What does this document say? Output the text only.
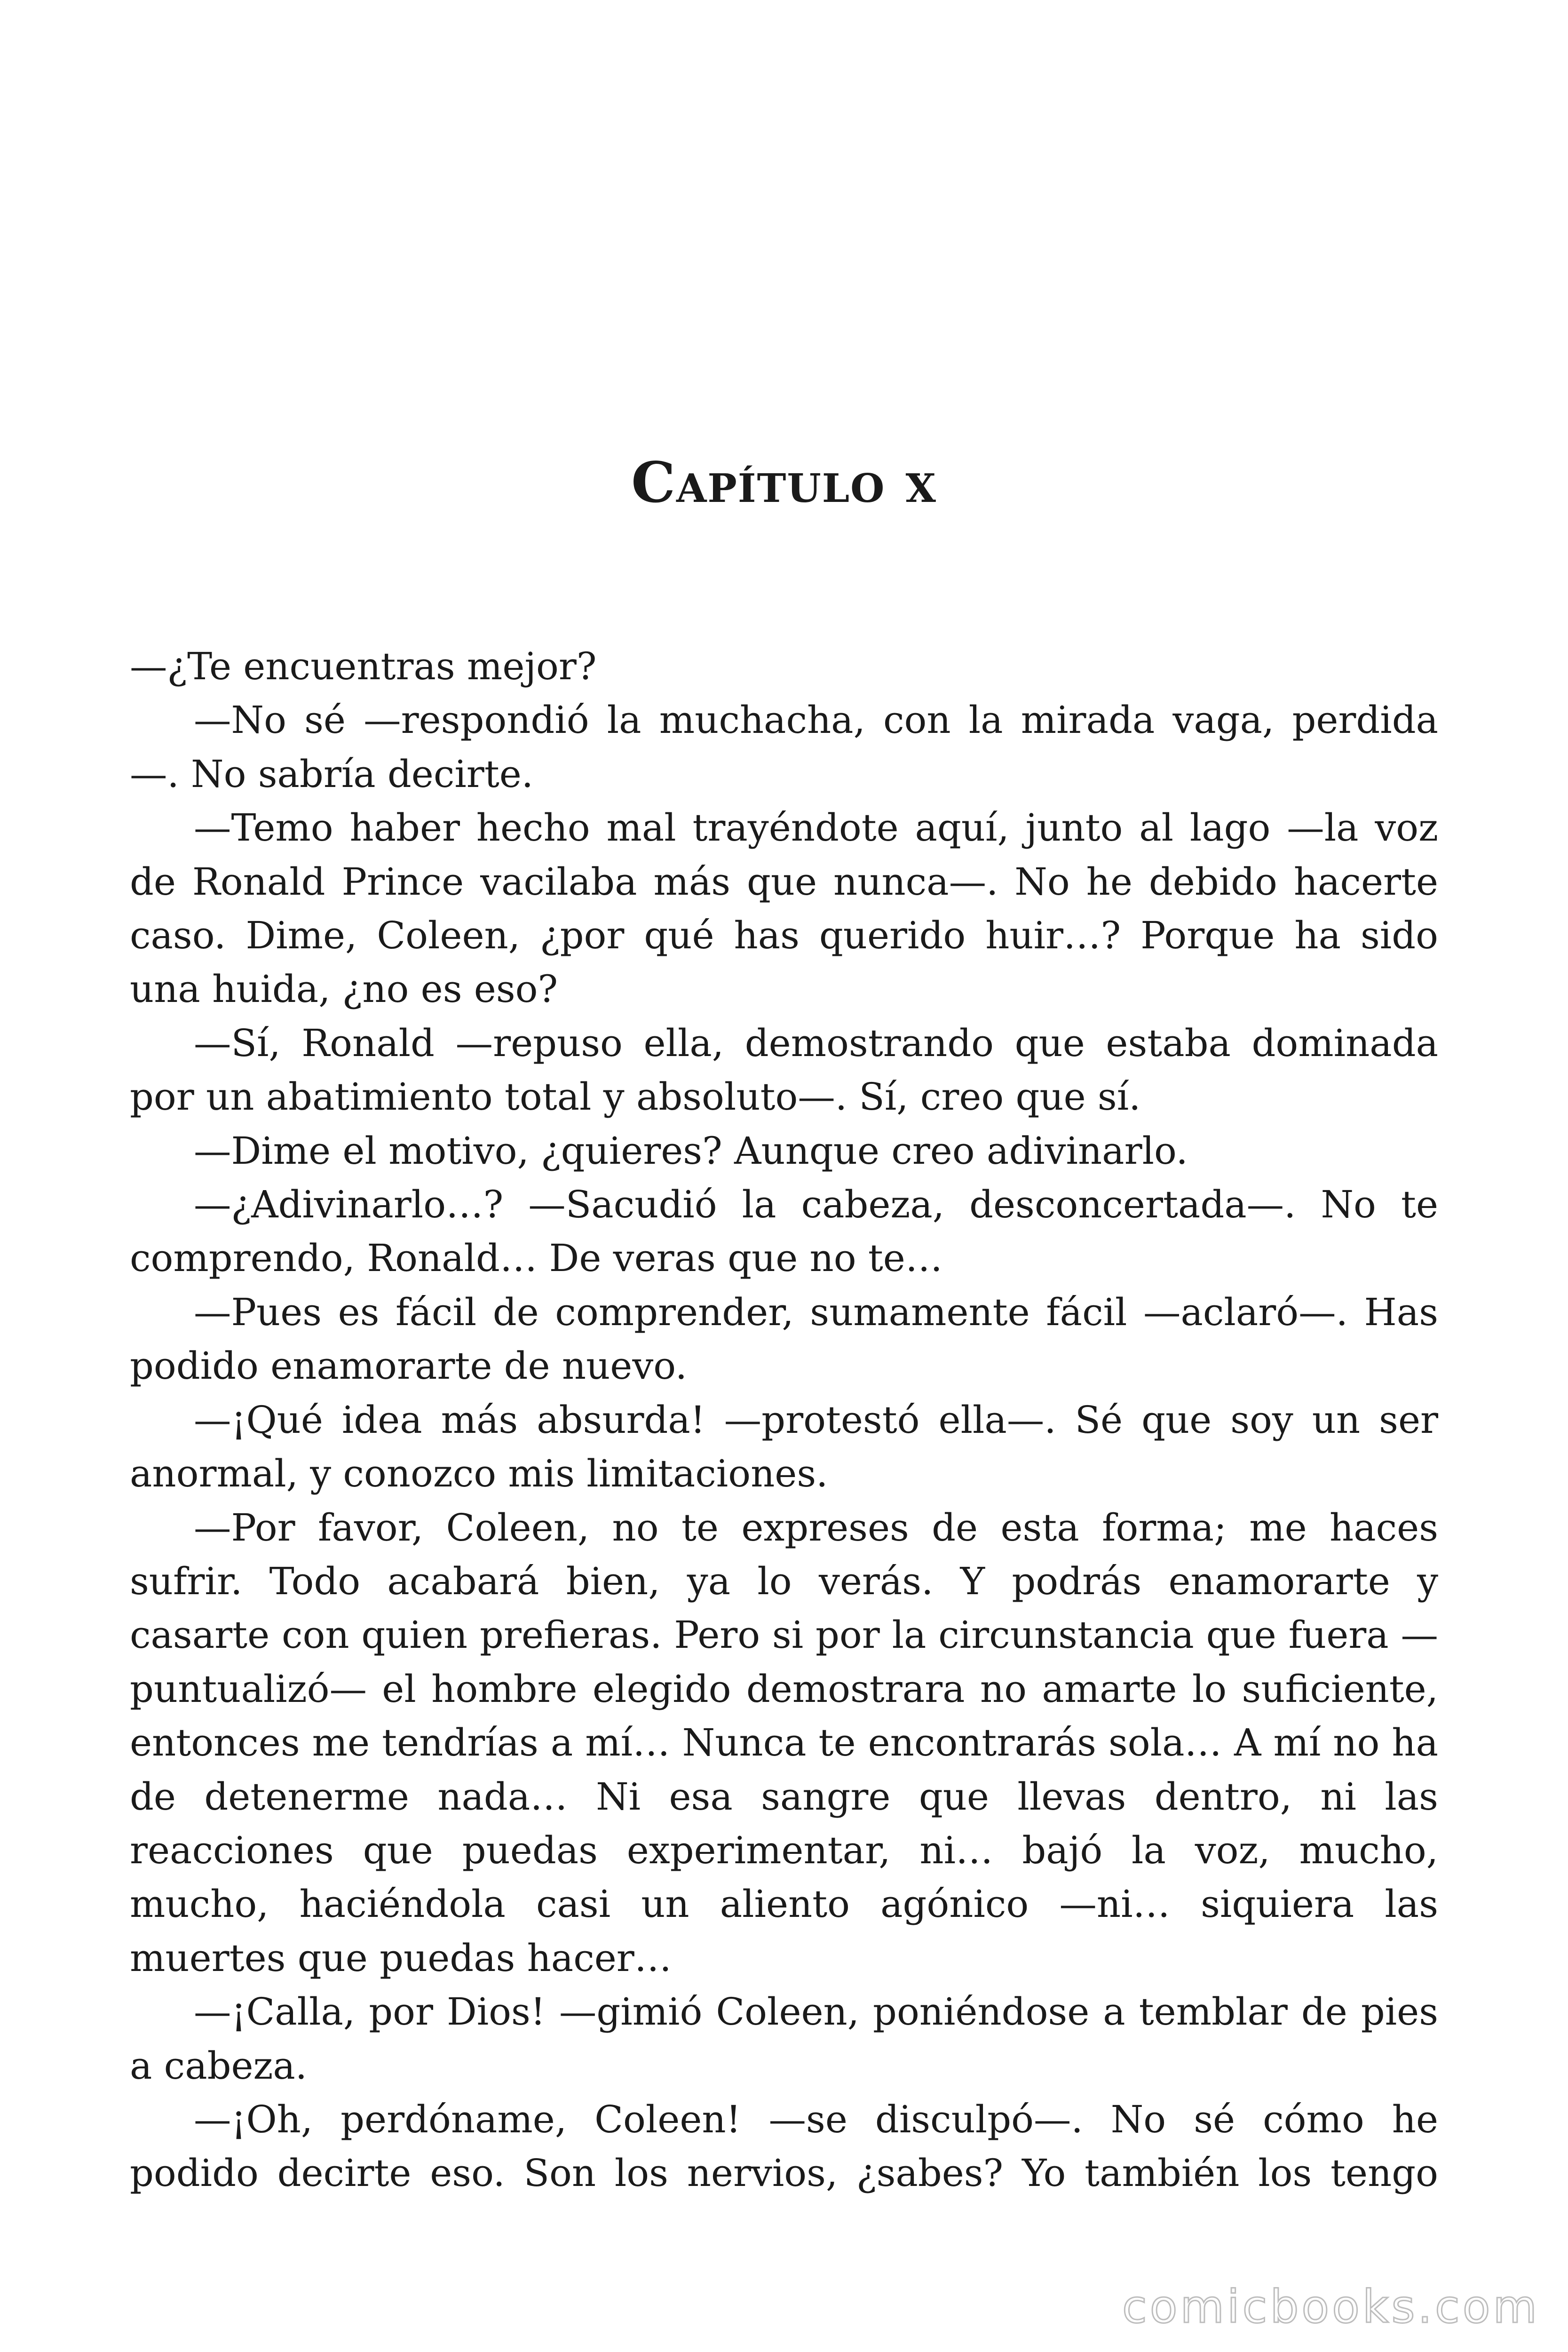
Capítulo x

—¿Te encuentras mejor?

—No sé —respondió la muchacha, con la mirada vaga, perdida —. No sabría decirte.

—Temo haber hecho mal trayéndote aquí, junto al lago —la voz de Ronald Prince vacilaba más que nunca—. No he debido hacerte caso. Dime, Coleen, ¿por qué has querido huir…? Porque ha sido una huida, ¿no es eso?

—Sí, Ronald —repuso ella, demostrando que estaba dominada por un abatimiento total y absoluto—. Sí, creo que sí.

—Dime el motivo, ¿quieres? Aunque creo adivinarlo.

—¿Adivinarlo…? —Sacudió la cabeza, desconcertada—. No te comprendo, Ronald… De veras que no te…

—Pues es fácil de comprender, sumamente fácil —aclaró—. Has podido enamorarte de nuevo.

—¡Qué idea más absurda! —protestó ella—. Sé que soy un ser anormal, y conozco mis limitaciones.

—Por favor, Coleen, no te expreses de esta forma; me haces sufrir. Todo acabará bien, ya lo verás. Y podrás enamorarte y casarte con quien prefieras. Pero si por la circunstancia que fuera —puntualizó— el hombre elegido demostrara no amarte lo suficiente, entonces me tendrías a mí… Nunca te encontrarás sola… A mí no ha de detenerme nada… Ni esa sangre que llevas dentro, ni las reacciones que puedas experimentar, ni… bajó la voz, mucho, mucho, haciéndola casi un aliento agónico —ni… siquiera las muertes que puedas hacer…

—¡Calla, por Dios! —gimió Coleen, poniéndose a temblar de pies a cabeza.

—¡Oh, perdóname, Coleen! —se disculpó—. No sé cómo he podido decirte eso. Son los nervios, ¿sabes? Yo también los tengo

comicbooks.com
